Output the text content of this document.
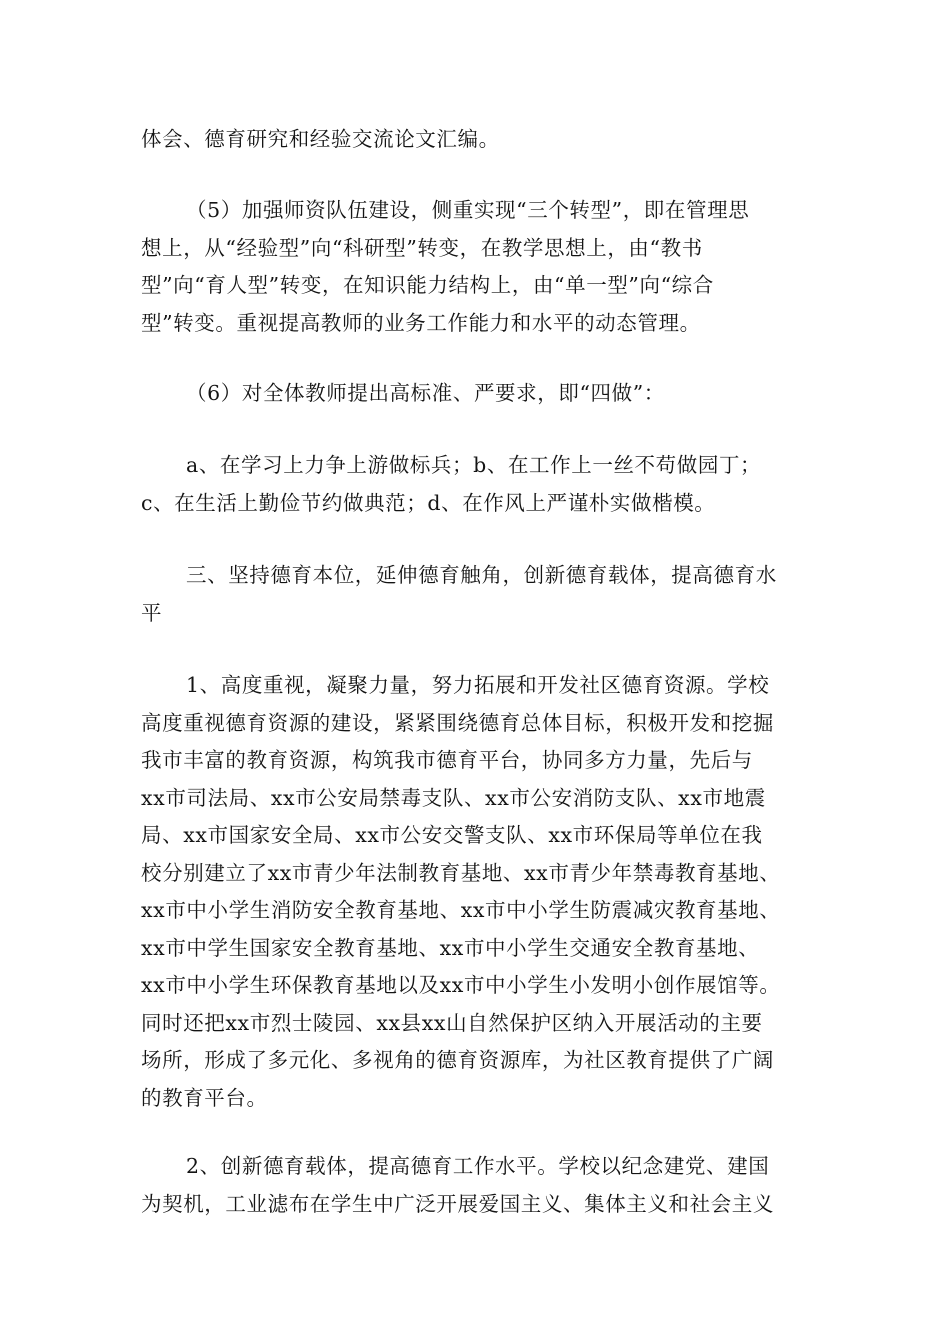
体会、德育研究和经验交流论文汇编。
（5）加强师资队伍建设，侧重实现“三个转型”，即在管理思
想上，从“经验型”向“科研型”转变，在教学思想上，由“教书
型”向“育人型”转变，在知识能力结构上，由“单一型”向“综合
型”转变。重视提高教师的业务工作能力和水平的动态管理。
（6）对全体教师提出高标准、严要求，即“四做”：
a、在学习上力争上游做标兵；b、在工作上一丝不苟做园丁；
c、在生活上勤俭节约做典范；d、在作风上严谨朴实做楷模。
三、坚持德育本位，延伸德育触角，创新德育载体，提高德育水
平
1、高度重视，凝聚力量，努力拓展和开发社区德育资源。学校
高度重视德育资源的建设，紧紧围绕德育总体目标，积极开发和挖掘
我市丰富的教育资源，构筑我市德育平台，协同多方力量，先后与
xx市司法局、xx市公安局禁毒支队、xx市公安消防支队、xx市地震
局、xx市国家安全局、xx市公安交警支队、xx市环保局等单位在我
校分别建立了xx市青少年法制教育基地、xx市青少年禁毒教育基地、
xx市中小学生消防安全教育基地、xx市中小学生防震减灾教育基地、
xx市中学生国家安全教育基地、xx市中小学生交通安全教育基地、
xx市中小学生环保教育基地以及xx市中小学生小发明小创作展馆等。
同时还把xx市烈士陵园、xx县xx山自然保护区纳入开展活动的主要
场所，形成了多元化、多视角的德育资源库，为社区教育提供了广阔
的教育平台。
2、创新德育载体，提高德育工作水平。学校以纪念建党、建国
为契机，工业滤布在学生中广泛开展爱国主义、集体主义和社会主义
